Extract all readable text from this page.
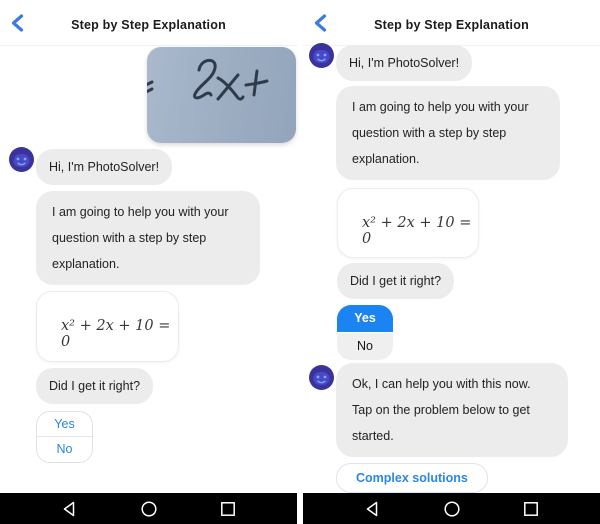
Step by Step Explanation
Hi, I'm PhotoSolver!
I am going to help you with your question with a step by step explanation.
x² + 2x + 10 = 0
Did I get it right?
Yes
No
Step by Step Explanation
Hi, I'm PhotoSolver!
I am going to help you with your question with a step by step explanation.
x² + 2x + 10 = 0
Did I get it right?
Yes
No
Ok, I can help you with this now. Tap on the problem below to get started.
Complex solutions
